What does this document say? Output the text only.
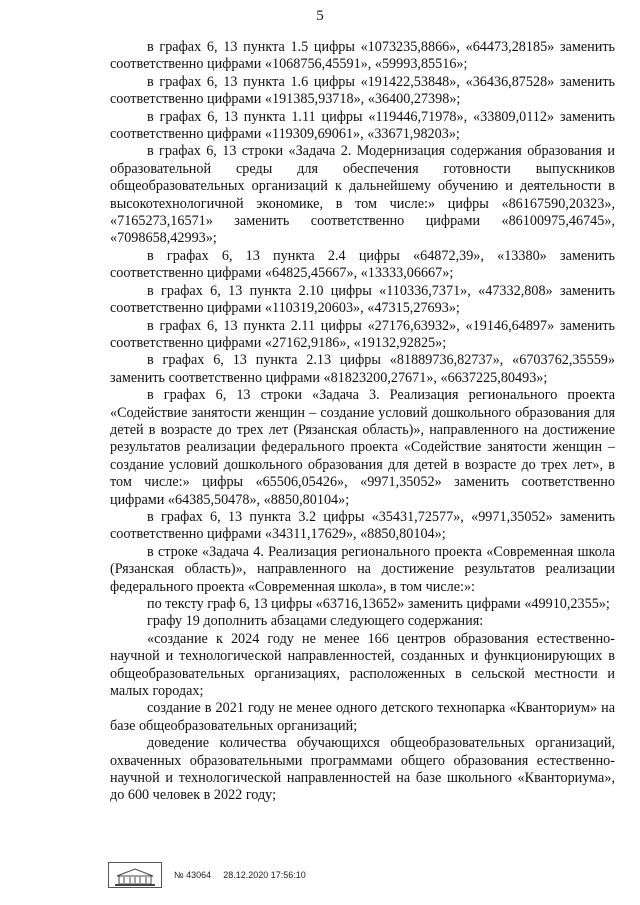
5

в графах 6, 13 пункта 1.5 цифры «1073235,8866», «64473,28185» заменить соответственно цифрами «1068756,45591», «59993,85516»;

в графах 6, 13 пункта 1.6 цифры «191422,53848», «36436,87528» заменить соответственно цифрами «191385,93718», «36400,27398»;

в графах 6, 13 пункта 1.11 цифры «119446,71978», «33809,0112» заменить соответственно цифрами «119309,69061», «33671,98203»;

в графах 6, 13 строки «Задача 2. Модернизация содержания образования и образовательной среды для обеспечения готовности выпускников общеобразовательных организаций к дальнейшему обучению и деятельности в высокотехнологичной экономике, в том числе:» цифры «86167590,20323», «7165273,16571» заменить соответственно цифрами «86100975,46745», «7098658,42993»;

в графах 6, 13 пункта 2.4 цифры «64872,39», «13380» заменить соответственно цифрами «64825,45667», «13333,06667»;

в графах 6, 13 пункта 2.10 цифры «110336,7371», «47332,808» заменить соответственно цифрами «110319,20603», «47315,27693»;

в графах 6, 13 пункта 2.11 цифры «27176,63932», «19146,64897» заменить соответственно цифрами «27162,9186», «19132,92825»;

в графах 6, 13 пункта 2.13 цифры «81889736,82737», «6703762,35559» заменить соответственно цифрами «81823200,27671», «6637225,80493»;

в графах 6, 13 строки «Задача 3. Реализация регионального проекта «Содействие занятости женщин – создание условий дошкольного образования для детей в возрасте до трех лет (Рязанская область)», направленного на достижение результатов реализации федерального проекта «Содействие занятости женщин – создание условий дошкольного образования для детей в возрасте до трех лет», в том числе:» цифры «65506,05426», «9971,35052» заменить соответственно цифрами «64385,50478», «8850,80104»;

в графах 6, 13 пункта 3.2 цифры «35431,72577», «9971,35052» заменить соответственно цифрами «34311,17629», «8850,80104»;

в строке «Задача 4. Реализация регионального проекта «Современная школа (Рязанская область)», направленного на достижение результатов реализации федерального проекта «Современная школа», в том числе:»:

по тексту граф 6, 13 цифры «63716,13652» заменить цифрами «49910,2355»;

графу 19 дополнить абзацами следующего содержания:

«создание к 2024 году не менее 166 центров образования естественно-научной и технологической направленностей, созданных и функционирующих в общеобразовательных организациях, расположенных в сельской местности и малых городах;

создание в 2021 году не менее одного детского технопарка «Кванториум» на базе общеобразовательных организаций;

доведение количества обучающихся общеобразовательных организаций, охваченных образовательными программами общего образования естественно-научной и технологической направленностей на базе школьного «Кванториума», до 600 человек в 2022 году;

№ 43064 28.12.2020 17:56:10
